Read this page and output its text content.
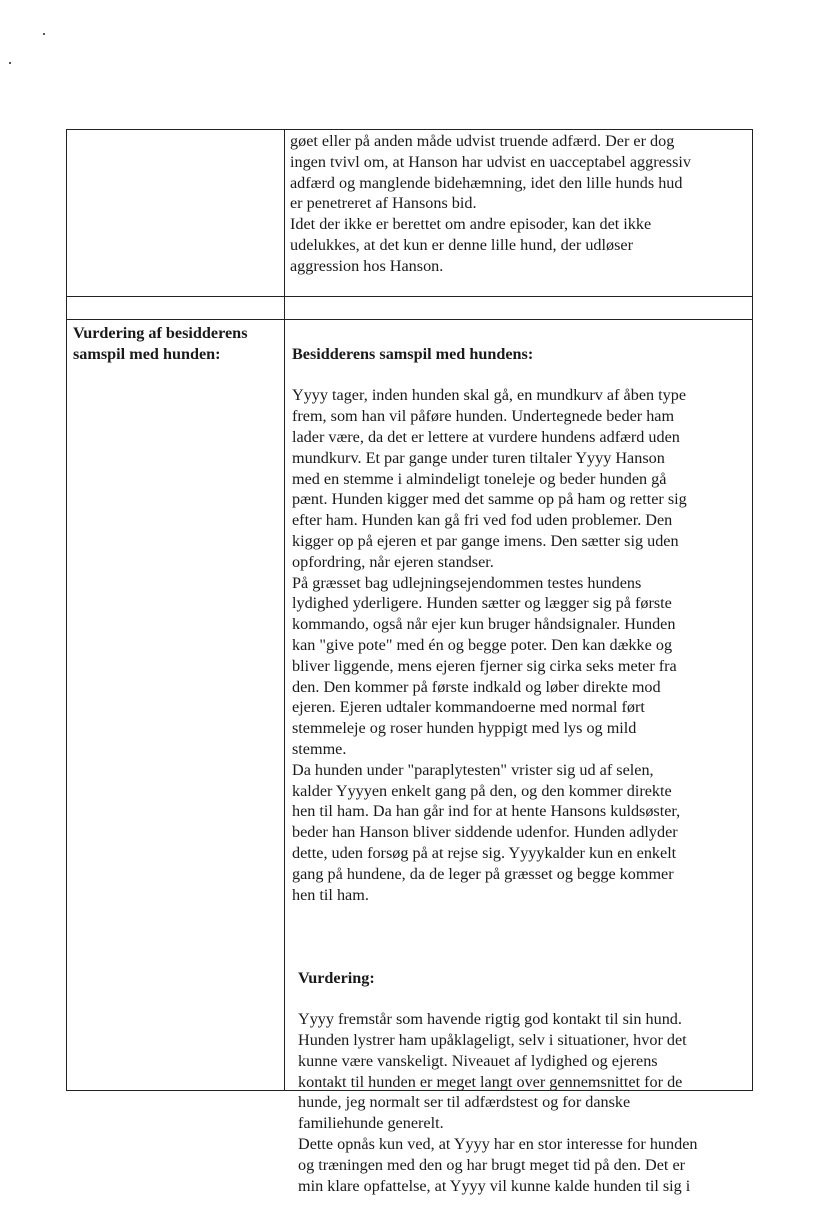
gøet eller på anden måde udvist truende adfærd. Der er dog
ingen tvivl om, at Hanson har udvist en uacceptabel aggressiv
adfærd og manglende bidehæmning, idet den lille hunds hud
er penetreret af Hansons bid.
Idet der ikke er berettet om andre episoder, kan det ikke
udelukkes, at det kun er denne lille hund, der udløser
aggression hos Hanson.
Vurdering af besidderens
samspil med hunden:	Besidderens samspil med hundens:

Yyyy tager, inden hunden skal gå, en mundkurv af åben type
frem, som han vil påføre hunden. Undertegnede beder ham
lader være, da det er lettere at vurdere hundens adfærd uden
mundkurv. Et par gange under turen tiltaler Yyyy Hanson
med en stemme i almindeligt toneleje og beder hunden gå
pænt. Hunden kigger med det samme op på ham og retter sig
efter ham. Hunden kan gå fri ved fod uden problemer. Den
kigger op på ejeren et par gange imens. Den sætter sig uden
opfordring, når ejeren standser.
På græsset bag udlejningsejendommen testes hundens
lydighed yderligere. Hunden sætter og lægger sig på første
kommando, også når ejer kun bruger håndsignaler. Hunden
kan "give pote" med én og begge poter. Den kan dække og
bliver liggende, mens ejeren fjerner sig cirka seks meter fra
den. Den kommer på første indkald og løber direkte mod
ejeren. Ejeren udtaler kommandoerne med normal ført
stemmeleje og roser hunden hyppigt med lys og mild
stemme.
Da hunden under "paraplytesten" vrister sig ud af selen,
kalder Yyyyen enkelt gang på den, og den kommer direkte
hen til ham. Da han går ind for at hente Hansons kuldsøster,
beder han Hanson bliver siddende udenfor. Hunden adlyder
dette, uden forsøg på at rejse sig. Yyyykalder kun en enkelt
gang på hundene, da de leger på græsset og begge kommer
hen til ham.

Vurdering:

Yyyy fremstår som havende rigtig god kontakt til sin hund.
Hunden lystrer ham upåklageligt, selv i situationer, hvor det
kunne være vanskeligt. Niveauet af lydighed og ejerens
kontakt til hunden er meget langt over gennemsnittet for de
hunde, jeg normalt ser til adfærdstest og for danske
familiehunde generelt.
Dette opnås kun ved, at Yyyy har en stor interesse for hunden
og træningen med den og har brugt meget tid på den. Det er
min klare opfattelse, at Yyyy vil kunne kalde hunden til sig i
